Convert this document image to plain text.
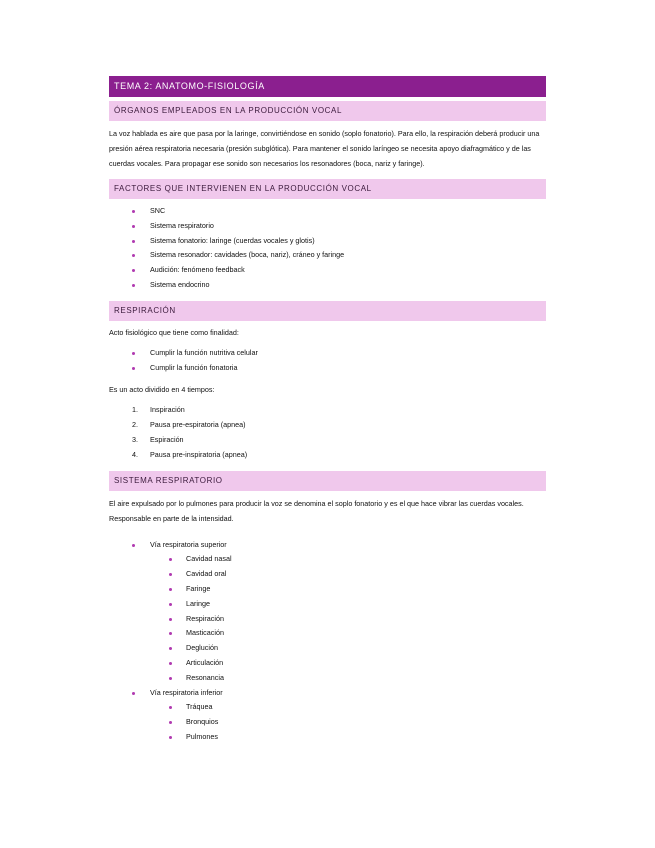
TEMA 2: ANATOMO-FISIOLOGÍA
ÓRGANOS EMPLEADOS EN LA PRODUCCIÓN VOCAL

La voz hablada es aire que pasa por la laringe, convirtiéndose en sonido (soplo fonatorio). Para ello, la respiración deberá producir una presión aérea respiratoria necesaria (presión subglótica). Para mantener el sonido laríngeo se necesita apoyo diafragmático y de las cuerdas vocales. Para propagar ese sonido son necesarios los resonadores (boca, nariz y faringe).

FACTORES QUE INTERVIENEN EN LA PRODUCCIÓN VOCAL
SNC
Sistema respiratorio
Sistema fonatorio: laringe (cuerdas vocales y glotis)
Sistema resonador: cavidades (boca, nariz), cráneo y faringe
Audición: fenómeno feedback
Sistema endocrino
RESPIRACIÓN

Acto fisiológico que tiene como finalidad:

Cumplir la función nutritiva celular
Cumplir la función fonatoria

Es un acto dividido en 4 tiempos:

1. Inspiración
2. Pausa pre-espiratoria (apnea)
3. Espiración
4. Pausa pre-inspiratoria (apnea)
SISTEMA RESPIRATORIO

El aire expulsado por lo pulmones para producir la voz se denomina el soplo fonatorio y es el que hace vibrar las cuerdas vocales. Responsable en parte de la intensidad.

Vía respiratoria superior
Cavidad nasal
Cavidad oral
Faringe
Laringe
Respiración
Masticación
Deglución
Articulación
Resonancia
Vía respiratoria inferior
Tráquea
Bronquios
Pulmones
